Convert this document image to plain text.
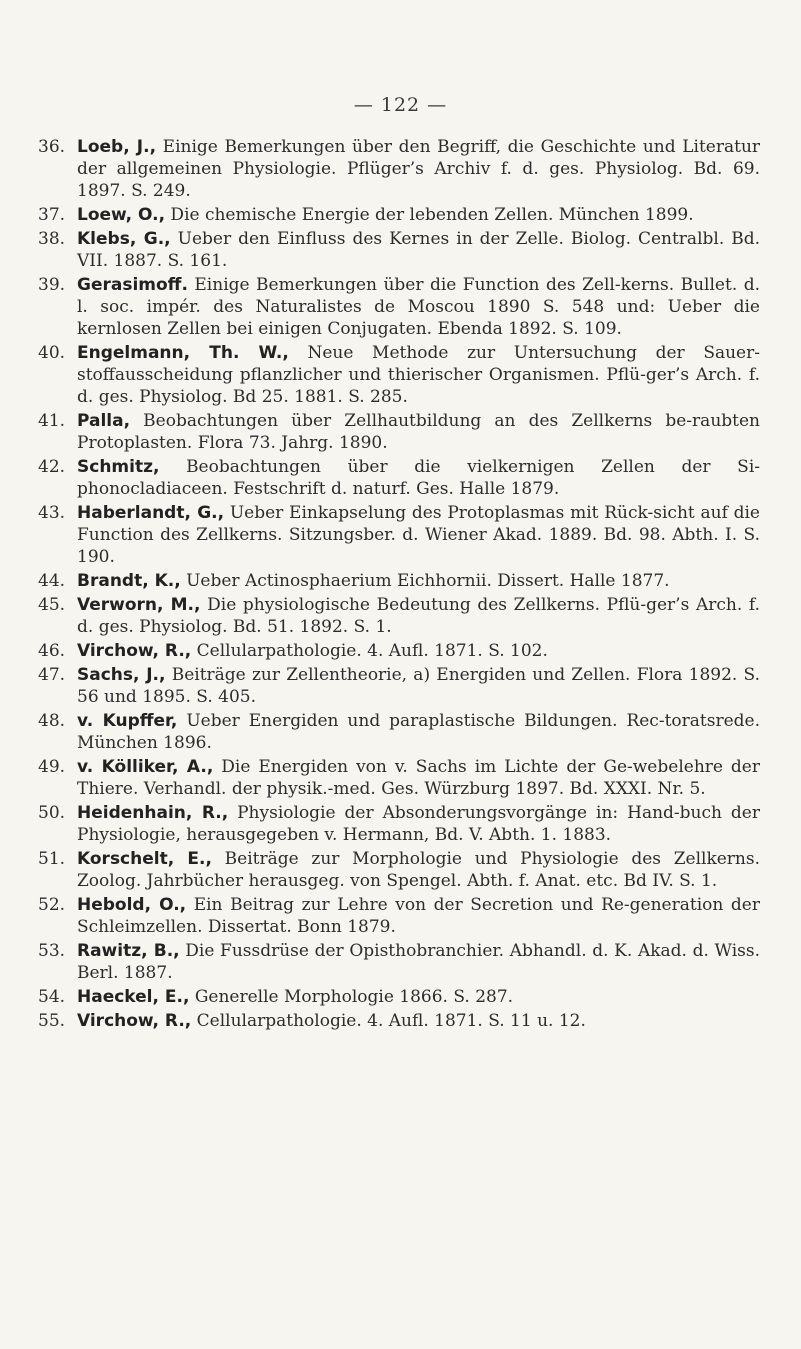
— 122 —
36. Loeb, J., Einige Bemerkungen über den Begriff, die Geschichte und Literatur der allgemeinen Physiologie. Pflüger’s Archiv f. d. ges. Physiolog. Bd. 69. 1897. S. 249.
37. Loew, O., Die chemische Energie der lebenden Zellen. München 1899.
38. Klebs, G., Ueber den Einfluss des Kernes in der Zelle. Biolog. Centralbl. Bd. VII. 1887. S. 161.
39. Gerasimoff. Einige Bemerkungen über die Function des Zell-kerns. Bullet. d. l. soc. impér. des Naturalistes de Moscou 1890 S. 548 und: Ueber die kernlosen Zellen bei einigen Conjugaten. Ebenda 1892. S. 109.
40. Engelmann, Th. W., Neue Methode zur Untersuchung der Sauer-stoffausscheidung pflanzlicher und thierischer Organismen. Pflü-ger’s Arch. f. d. ges. Physiolog. Bd 25. 1881. S. 285.
41. Palla, Beobachtungen über Zellhautbildung an des Zellkerns be-raubten Protoplasten. Flora 73. Jahrg. 1890.
42. Schmitz, Beobachtungen über die vielkernigen Zellen der Si-phonocladiaceen. Festschrift d. naturf. Ges. Halle 1879.
43. Haberlandt, G., Ueber Einkapselung des Protoplasmas mit Rück-sicht auf die Function des Zellkerns. Sitzungsber. d. Wiener Akad. 1889. Bd. 98. Abth. I. S. 190.
44. Brandt, K., Ueber Actinosphaerium Eichhornii. Dissert. Halle 1877.
45. Verworn, M., Die physiologische Bedeutung des Zellkerns. Pflü-ger’s Arch. f. d. ges. Physiolog. Bd. 51. 1892. S. 1.
46. Virchow, R., Cellularpathologie. 4. Aufl. 1871. S. 102.
47. Sachs, J., Beiträge zur Zellentheorie, a) Energiden und Zellen. Flora 1892. S. 56 und 1895. S. 405.
48. v. Kupffer, Ueber Energiden und paraplastische Bildungen. Rec-toratsrede. München 1896.
49. v. Kölliker, A., Die Energiden von v. Sachs im Lichte der Ge-webelehre der Thiere. Verhandl. der physik.-med. Ges. Würzburg 1897. Bd. XXXI. Nr. 5.
50. Heidenhain, R., Physiologie der Absonderungsvorgänge in: Hand-buch der Physiologie, herausgegeben v. Hermann, Bd. V. Abth. 1. 1883.
51. Korschelt, E., Beiträge zur Morphologie und Physiologie des Zellkerns. Zoolog. Jahrbücher herausgeg. von Spengel. Abth. f. Anat. etc. Bd IV. S. 1.
52. Hebold, O., Ein Beitrag zur Lehre von der Secretion und Re-generation der Schleimzellen. Dissertat. Bonn 1879.
53. Rawitz, B., Die Fussdrüse der Opisthobranchier. Abhandl. d. K. Akad. d. Wiss. Berl. 1887.
54. Haeckel, E., Generelle Morphologie 1866. S. 287.
55. Virchow, R., Cellularpathologie. 4. Aufl. 1871. S. 11 u. 12.
